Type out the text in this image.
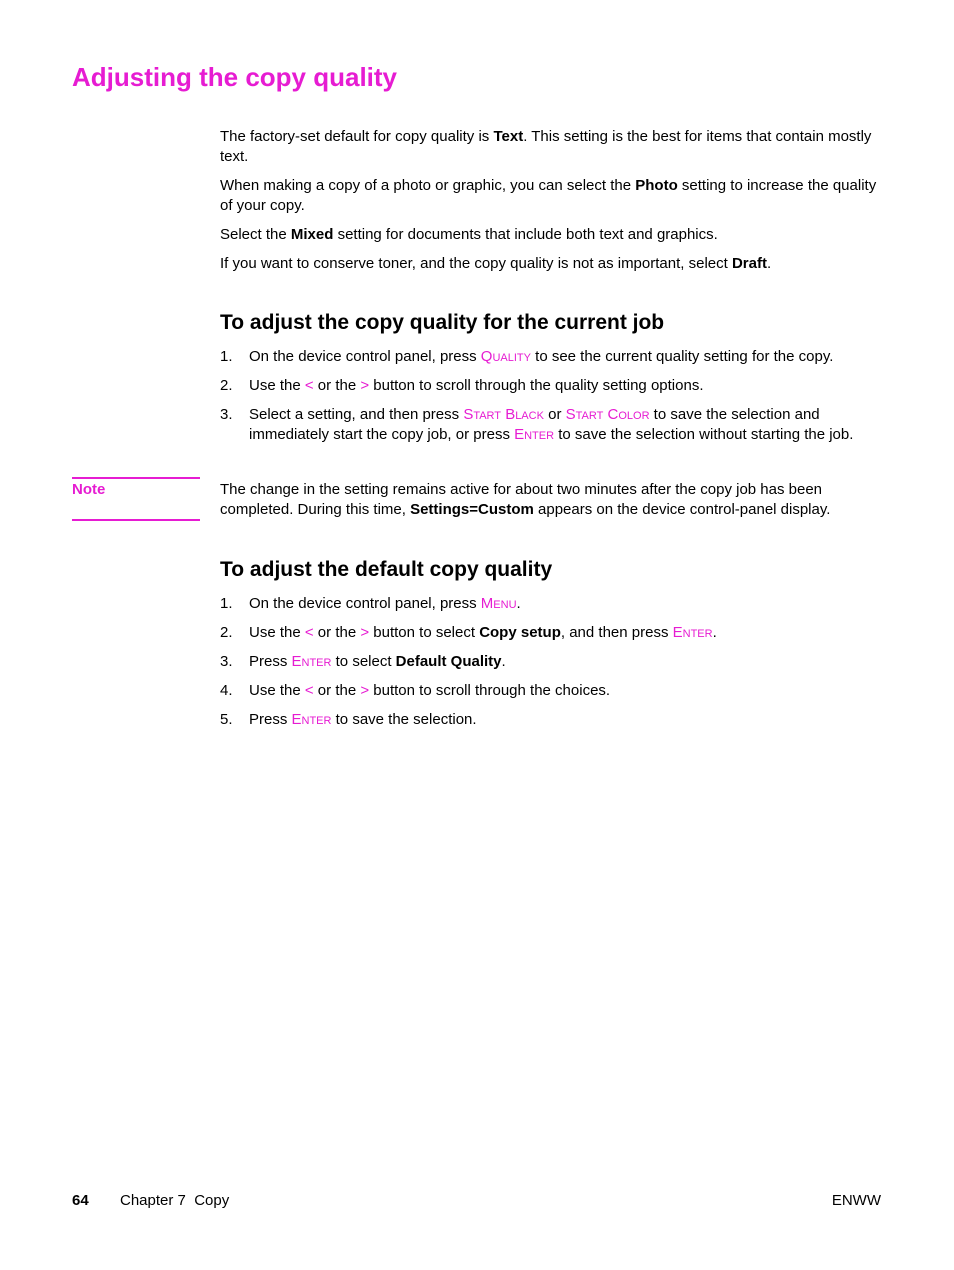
Adjusting the copy quality

The factory-set default for copy quality is Text. This setting is the best for items that contain mostly text.

When making a copy of a photo or graphic, you can select the Photo setting to increase the quality of your copy.

Select the Mixed setting for documents that include both text and graphics.

If you want to conserve toner, and the copy quality is not as important, select Draft.

To adjust the copy quality for the current job
1. On the device control panel, press Quality to see the current quality setting for the copy.
2. Use the < or the > button to scroll through the quality setting options.
3. Select a setting, and then press Start Black or Start Color to save the selection and immediately start the copy job, or press Enter to save the selection without starting the job.
Note	The change in the setting remains active for about two minutes after the copy job has been completed. During this time, Settings=Custom appears on the device control-panel display.
To adjust the default copy quality
1. On the device control panel, press Menu.
2. Use the < or the > button to select Copy setup, and then press Enter.
3. Press Enter to select Default Quality.
4. Use the < or the > button to scroll through the choices.
5. Press Enter to save the selection.
64 Chapter 7  Copy	ENWW
